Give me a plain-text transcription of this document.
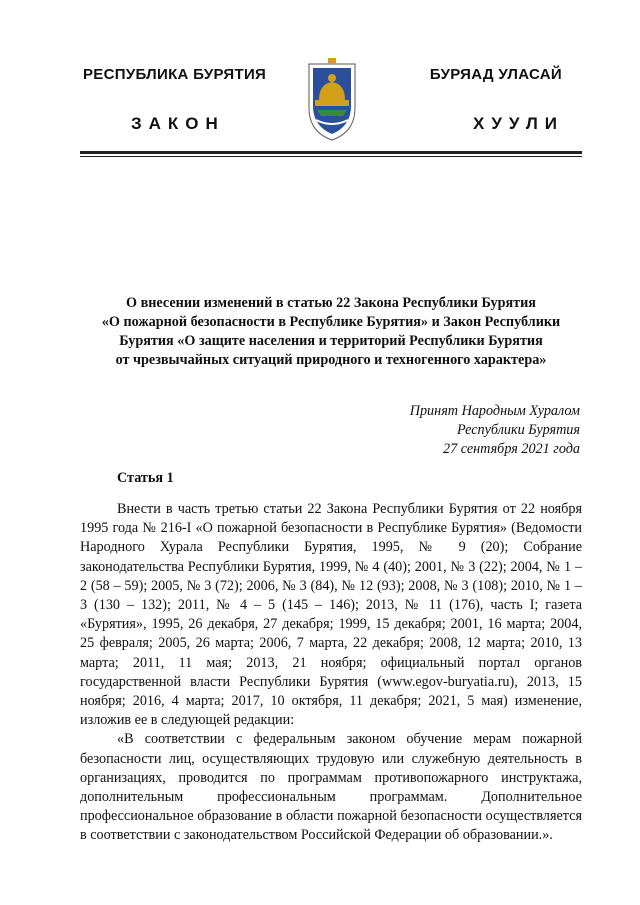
РЕСПУБЛИКА БУРЯТИЯ	БУРЯАД УЛАСАЙ
ЗАКОН	ХУУЛИ
О внесении изменений в статью 22 Закона Республики Бурятия
«О пожарной безопасности в Республике Бурятия» и Закон Республики
Бурятия «О защите населения и территорий Республики Бурятия
от чрезвычайных ситуаций природного и техногенного характера»
Принят Народным Хуралом
Республики Бурятия
27 сентября 2021 года
Статья 1

Внести в часть третью статьи 22 Закона Республики Бурятия от 22 ноября 1995 года № 216-I «О пожарной безопасности в Республике Бурятия» (Ведомости Народного Хурала Республики Бурятия, 1995, № 9 (20); Собрание законодательства Республики Бурятия, 1999, № 4 (40); 2001, № 3 (22); 2004, № 1 – 2 (58 – 59); 2005, № 3 (72); 2006, № 3 (84), № 12 (93); 2008, № 3 (108); 2010, № 1 – 3 (130 – 132); 2011, № 4 – 5 (145 – 146); 2013, № 11 (176), часть I; газета «Бурятия», 1995, 26 декабря, 27 декабря; 1999, 15 декабря; 2001, 16 марта; 2004, 25 февраля; 2005, 26 марта; 2006, 7 марта, 22 декабря; 2008, 12 марта; 2010, 13 марта; 2011, 11 мая; 2013, 21 ноября; официальный портал органов государственной власти Республики Бурятия (www.egov-buryatia.ru), 2013, 15 ноября; 2016, 4 марта; 2017, 10 октября, 11 декабря; 2021, 5 мая) изменение, изложив ее в следующей редакции:

«В соответствии с федеральным законом обучение мерам пожарной безопасности лиц, осуществляющих трудовую или служебную деятельность в организациях, проводится по программам противопожарного инструктажа, дополнительным профессиональным программам. Дополнительное профессиональное образование в области пожарной безопасности осуществляется в соответствии с законодательством Российской Федерации об образовании.».
